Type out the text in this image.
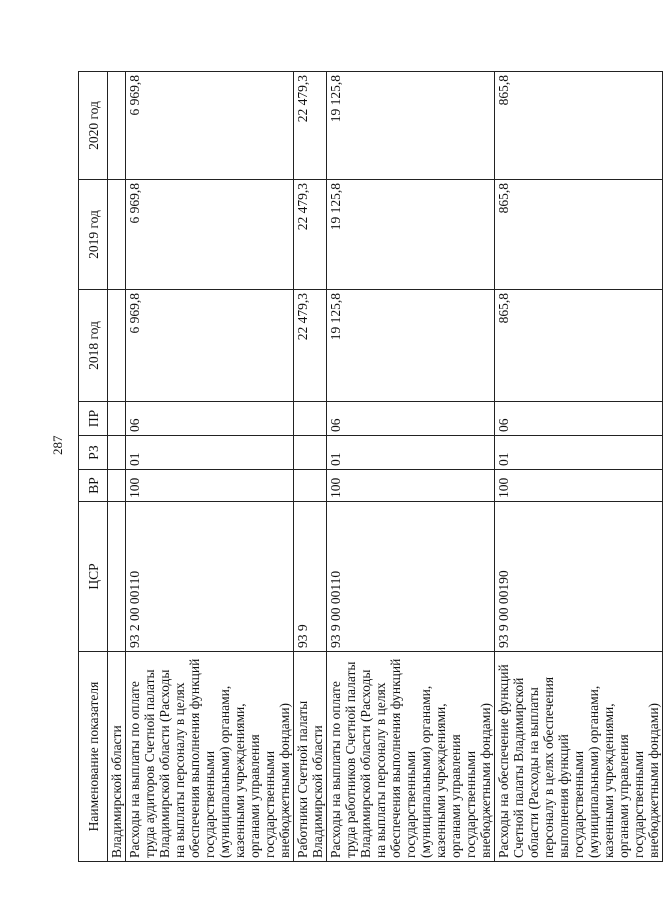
287
Наименование показателя	ЦСР	ВР	РЗ	ПР	2018 год	2019 год	2020 год
Владимирской области							
Расходы на выплаты по оплате труда аудиторов Счетной палаты Владимирской области (Расходы на выплаты персоналу в целях обеспечения выполнения функций государственными (муниципальными) органами, казенными учреждениями, органами управления государственными внебюджетными фондами)	93 2 00 00110	100	01	06	6 969,8	6 969,8	6 969,8
Работники Счетной палаты Владимирской области	93 9				22 479,3	22 479,3	22 479,3
Расходы на выплаты по оплате труда работников Счетной палаты Владимирской области (Расходы на выплаты персоналу в целях обеспечения выполнения функций государственными (муниципальными) органами, казенными учреждениями, органами управления государственными внебюджетными фондами)	93 9 00 00110	100	01	06	19 125,8	19 125,8	19 125,8
Расходы на обеспечение функций Счетной палаты Владимирской области (Расходы на выплаты персоналу в целях обеспечения выполнения функций государственными (муниципальными) органами, казенными учреждениями, органами управления государственными внебюджетными фондами)	93 9 00 00190	100	01	06	865,8	865,8	865,8
